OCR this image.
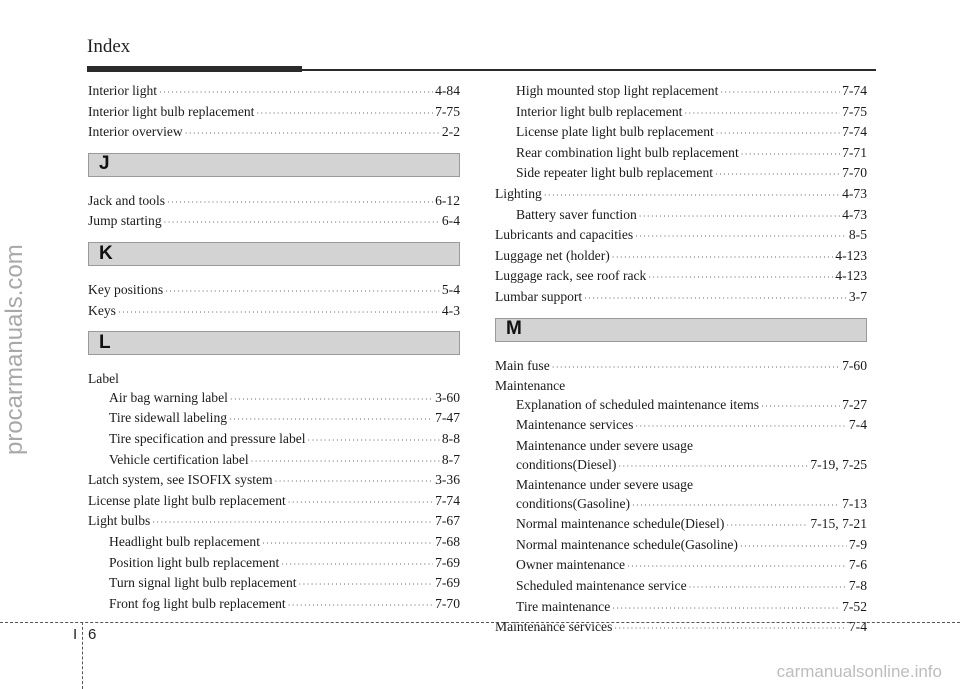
Index
procarmanuals.com
Interior light ·····	4-84
Interior light bulb replacement ·····	7-75
Interior overview ·····	2-2
J
Jack and tools ·····	6-12
Jump starting ·····	6-4
K
Key positions ·····	5-4
Keys ·····	4-3
L
Label
Air bag warning label ·····	3-60
Tire sidewall labeling ·····	7-47
Tire specification and pressure label ·····	8-8
Vehicle certification label ·····	8-7
Latch system, see ISOFIX system ·····	3-36
License plate light bulb replacement ·····	7-74
Light bulbs ·····	7-67
Headlight bulb replacement ·····	7-68
Position light bulb replacement ·····	7-69
Turn signal light bulb replacement ·····	7-69
Front fog light bulb replacement ·····	7-70
High mounted stop light replacement ·····	7-74
Interior light bulb replacement ·····	7-75
License plate light bulb replacement ·····	7-74
Rear combination light bulb replacement ·····	7-71
Side repeater light bulb replacement ·····	7-70
Lighting ·····	4-73
Battery saver function ·····	4-73
Lubricants and capacities ·····	8-5
Luggage net (holder) ·····	4-123
Luggage rack, see roof rack ·····	4-123
Lumbar support ·····	3-7
M
Main fuse ·····	7-60
Maintenance
Explanation of scheduled maintenance items ·····	7-27
Maintenance services ·····	7-4
Maintenance under severe usage
conditions(Diesel) ·····	7-19, 7-25
Maintenance under severe usage
conditions(Gasoline) ·····	7-13
Normal maintenance schedule(Diesel) ·····	7-15, 7-21
Normal maintenance schedule(Gasoline) ·····	7-9
Owner maintenance ·····	7-6
Scheduled maintenance service ·····	7-8
Tire maintenance ·····	7-52
Maintenance services ·····	7-4
I 6
carmanualsonline.info
